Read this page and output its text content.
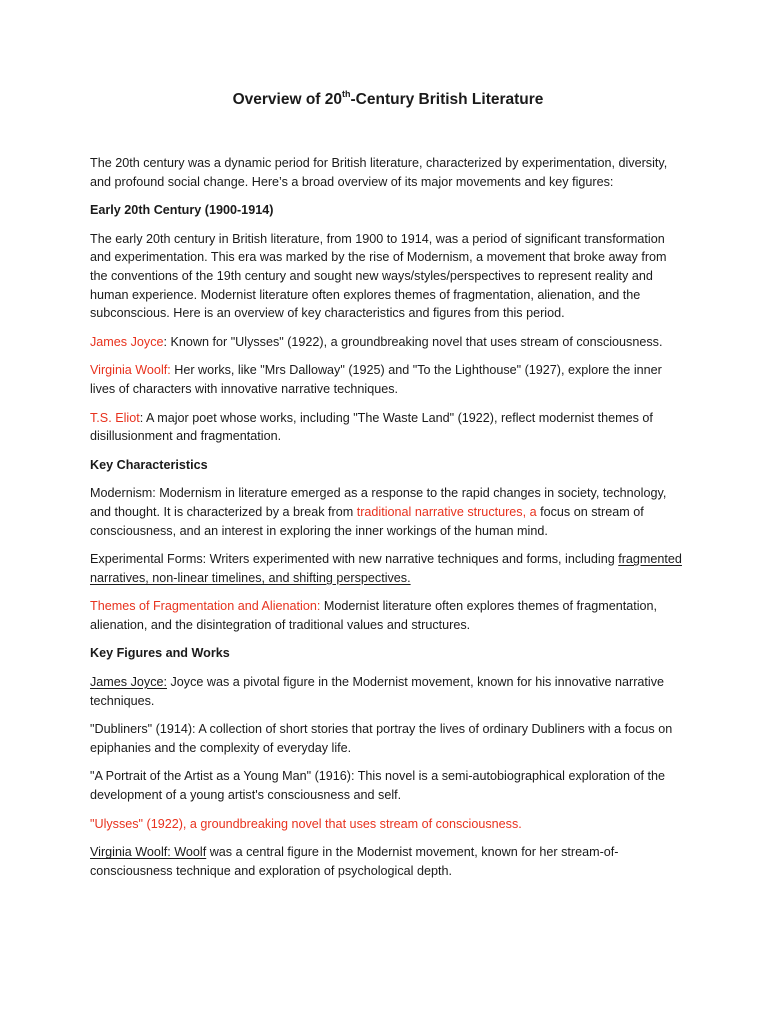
Overview of 20th-Century British Literature

The 20th century was a dynamic period for British literature, characterized by experimentation, diversity, and profound social change. Here’s a broad overview of its major movements and key figures:

Early 20th Century (1900-1914)

The early 20th century in British literature, from 1900 to 1914, was a period of significant transformation and experimentation. This era was marked by the rise of Modernism, a movement that broke away from the conventions of the 19th century and sought new ways/styles/perspectives to represent reality and human experience. Modernist literature often explores themes of fragmentation, alienation, and the subconscious. Here is an overview of key characteristics and figures from this period.

James Joyce: Known for "Ulysses" (1922), a groundbreaking novel that uses stream of consciousness.

Virginia Woolf: Her works, like "Mrs Dalloway" (1925) and "To the Lighthouse" (1927), explore the inner lives of characters with innovative narrative techniques.

T.S. Eliot: A major poet whose works, including "The Waste Land" (1922), reflect modernist themes of disillusionment and fragmentation.

Key Characteristics

Modernism: Modernism in literature emerged as a response to the rapid changes in society, technology, and thought. It is characterized by a break from traditional narrative structures, a focus on stream of consciousness, and an interest in exploring the inner workings of the human mind.

Experimental Forms: Writers experimented with new narrative techniques and forms, including fragmented narratives, non-linear timelines, and shifting perspectives.

Themes of Fragmentation and Alienation: Modernist literature often explores themes of fragmentation, alienation, and the disintegration of traditional values and structures.

Key Figures and Works

James Joyce: Joyce was a pivotal figure in the Modernist movement, known for his innovative narrative techniques.

"Dubliners" (1914): A collection of short stories that portray the lives of ordinary Dubliners with a focus on epiphanies and the complexity of everyday life.

"A Portrait of the Artist as a Young Man" (1916): This novel is a semi-autobiographical exploration of the development of a young artist's consciousness and self.

"Ulysses" (1922), a groundbreaking novel that uses stream of consciousness.

Virginia Woolf: Woolf was a central figure in the Modernist movement, known for her stream-of-consciousness technique and exploration of psychological depth.
